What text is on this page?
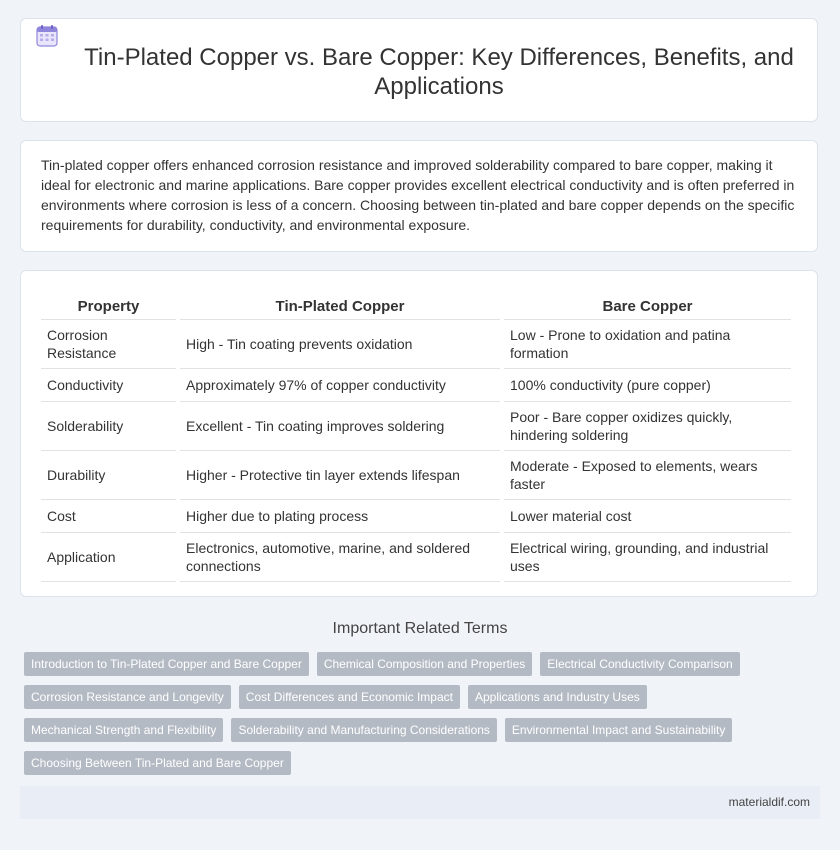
Tin-Plated Copper vs. Bare Copper: Key Differences, Benefits, and Applications

Tin-plated copper offers enhanced corrosion resistance and improved solderability compared to bare copper, making it ideal for electronic and marine applications. Bare copper provides excellent electrical conductivity and is often preferred in environments where corrosion is less of a concern. Choosing between tin-plated and bare copper depends on the specific requirements for durability, conductivity, and environmental exposure.

Property	Tin-Plated Copper	Bare Copper
Corrosion Resistance	High - Tin coating prevents oxidation	Low - Prone to oxidation and patina formation
Conductivity	Approximately 97% of copper conductivity	100% conductivity (pure copper)
Solderability	Excellent - Tin coating improves soldering	Poor - Bare copper oxidizes quickly, hindering soldering
Durability	Higher - Protective tin layer extends lifespan	Moderate - Exposed to elements, wears faster
Cost	Higher due to plating process	Lower material cost
Application	Electronics, automotive, marine, and soldered connections	Electrical wiring, grounding, and industrial uses
Important Related Terms
Introduction to Tin-Plated Copper and Bare Copper	Chemical Composition and Properties	Electrical Conductivity Comparison
Corrosion Resistance and Longevity	Cost Differences and Economic Impact	Applications and Industry Uses
Mechanical Strength and Flexibility	Solderability and Manufacturing Considerations	Environmental Impact and Sustainability
Choosing Between Tin-Plated and Bare Copper
materialdif.com
